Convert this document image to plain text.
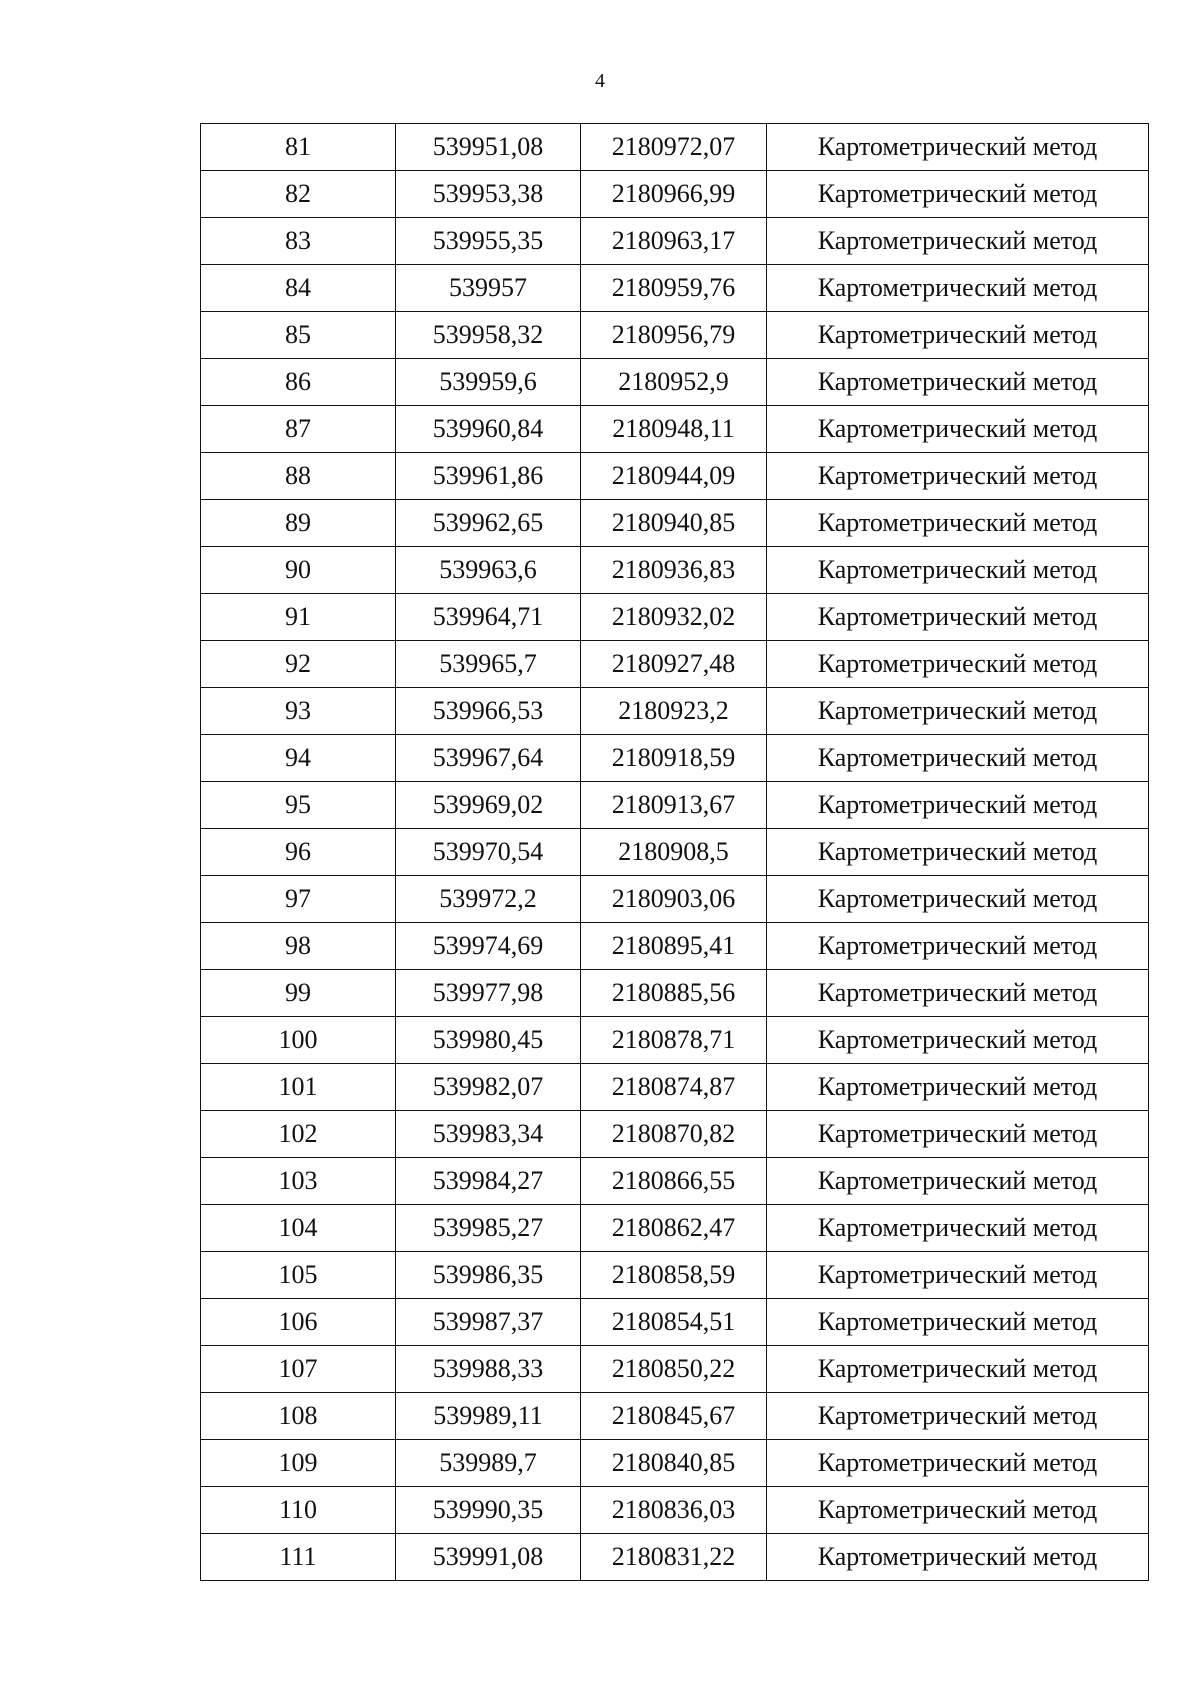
4
81	539951,08	2180972,07	Картометрический метод
82	539953,38	2180966,99	Картометрический метод
83	539955,35	2180963,17	Картометрический метод
84	539957	2180959,76	Картометрический метод
85	539958,32	2180956,79	Картометрический метод
86	539959,6	2180952,9	Картометрический метод
87	539960,84	2180948,11	Картометрический метод
88	539961,86	2180944,09	Картометрический метод
89	539962,65	2180940,85	Картометрический метод
90	539963,6	2180936,83	Картометрический метод
91	539964,71	2180932,02	Картометрический метод
92	539965,7	2180927,48	Картометрический метод
93	539966,53	2180923,2	Картометрический метод
94	539967,64	2180918,59	Картометрический метод
95	539969,02	2180913,67	Картометрический метод
96	539970,54	2180908,5	Картометрический метод
97	539972,2	2180903,06	Картометрический метод
98	539974,69	2180895,41	Картометрический метод
99	539977,98	2180885,56	Картометрический метод
100	539980,45	2180878,71	Картометрический метод
101	539982,07	2180874,87	Картометрический метод
102	539983,34	2180870,82	Картометрический метод
103	539984,27	2180866,55	Картометрический метод
104	539985,27	2180862,47	Картометрический метод
105	539986,35	2180858,59	Картометрический метод
106	539987,37	2180854,51	Картометрический метод
107	539988,33	2180850,22	Картометрический метод
108	539989,11	2180845,67	Картометрический метод
109	539989,7	2180840,85	Картометрический метод
110	539990,35	2180836,03	Картометрический метод
111	539991,08	2180831,22	Картометрический метод
